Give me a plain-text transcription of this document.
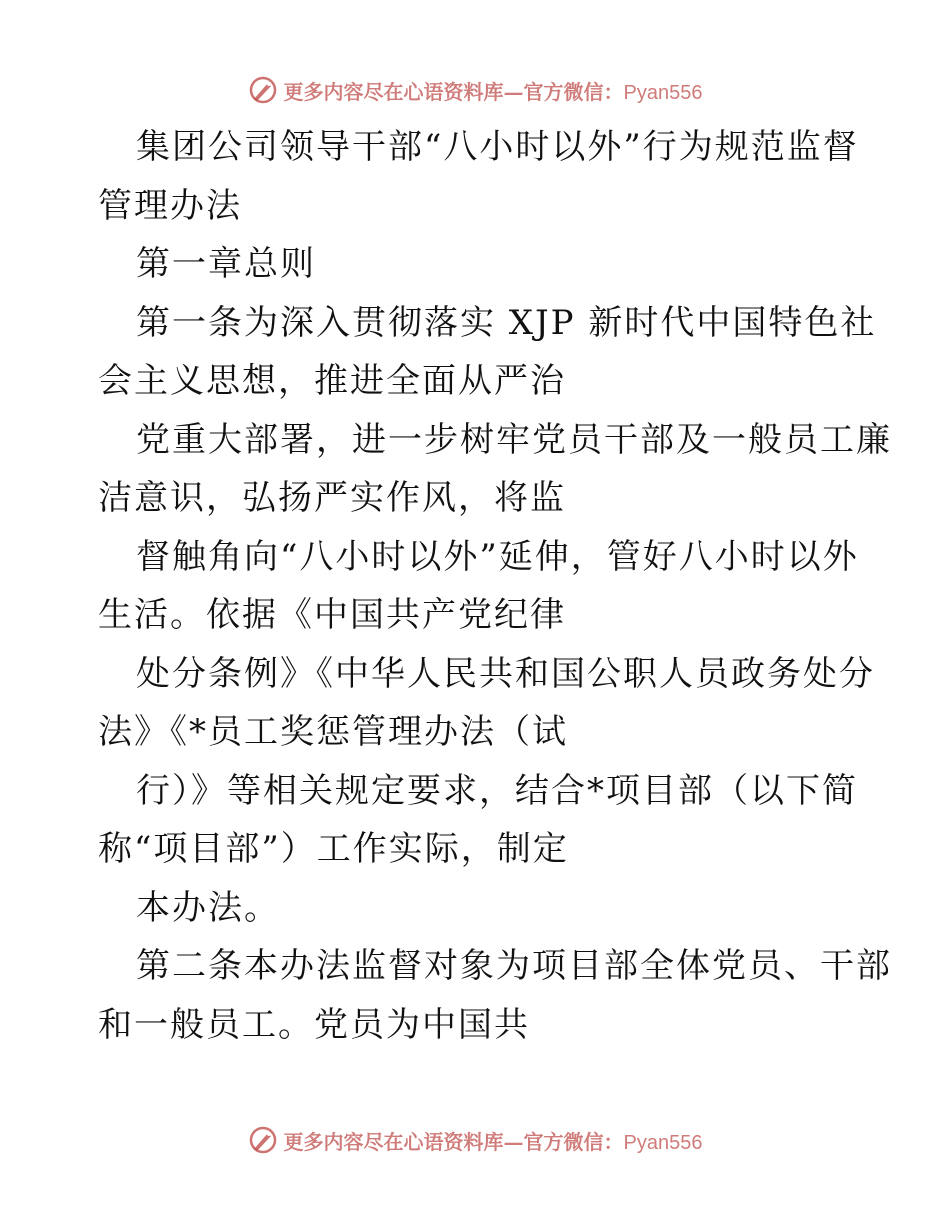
更多内容尽在心语资料库—官方微信：Pyan556
集团公司领导干部“八小时以外”行为规范监督
管理办法
第一章总则
第一条为深入贯彻落实 XJP 新时代中国特色社
会主义思想，推进全面从严治
党重大部署，进一步树牢党员干部及一般员工廉
洁意识，弘扬严实作风，将监
督触角向“八小时以外”延伸，管好八小时以外
生活。依据《中国共产党纪律
处分条例》《中华人民共和国公职人员政务处分
法》《*员工奖惩管理办法（试
行）》等相关规定要求，结合*项目部（以下简
称“项目部”）工作实际，制定
本办法。
第二条本办法监督对象为项目部全体党员、干部
和一般员工。党员为中国共
更多内容尽在心语资料库—官方微信：Pyan556
